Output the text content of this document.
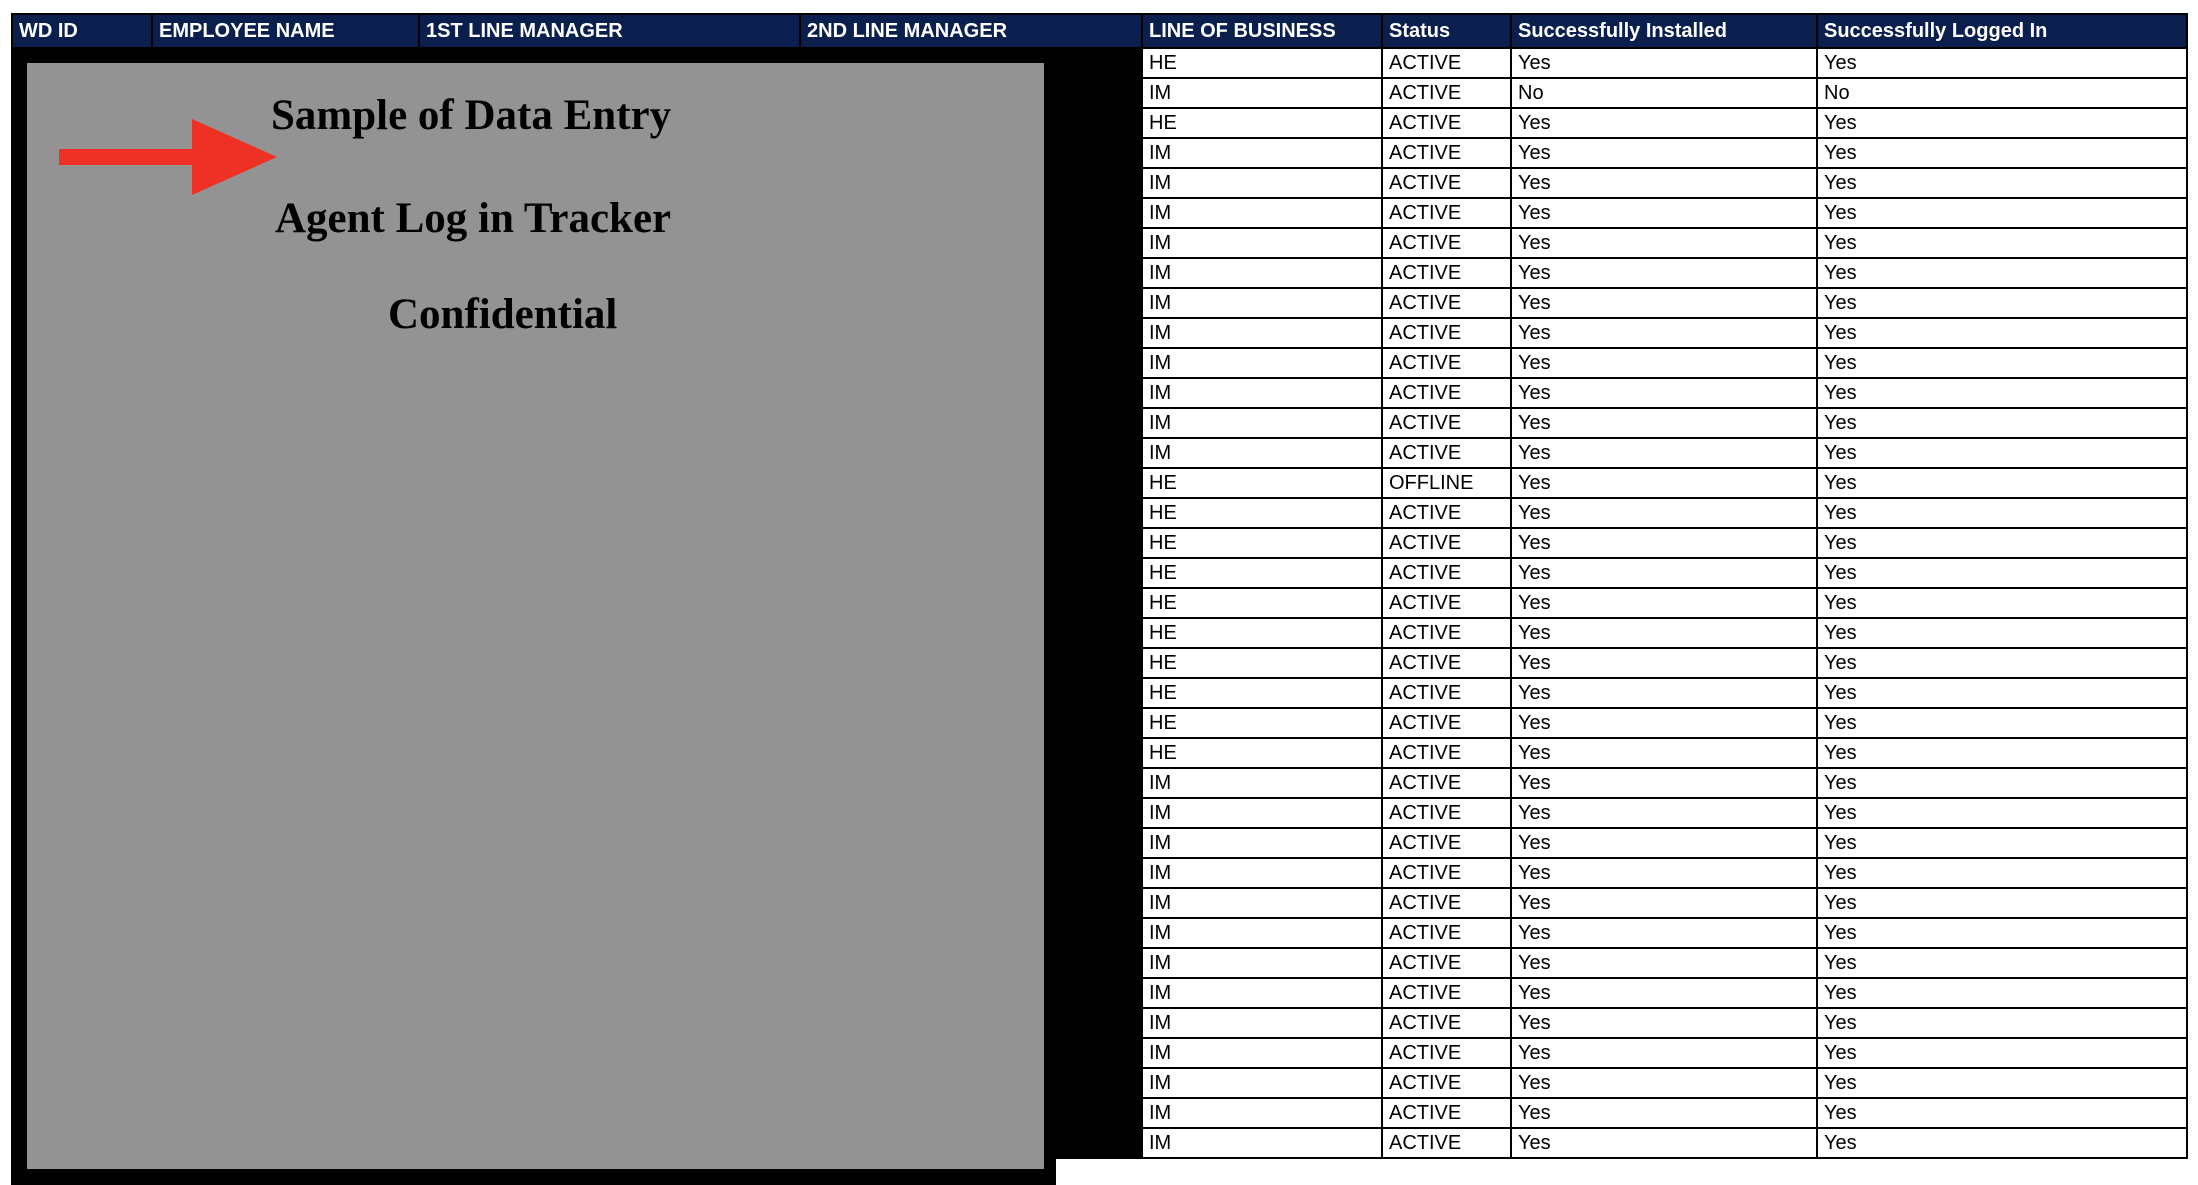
WD ID	EMPLOYEE NAME	1ST LINE MANAGER	2ND LINE MANAGER	LINE OF BUSINESS	Status	Successfully Installed	Successfully Logged In
				HE	ACTIVE	Yes	Yes
				IM	ACTIVE	No	No
				HE	ACTIVE	Yes	Yes
				IM	ACTIVE	Yes	Yes
				IM	ACTIVE	Yes	Yes
				IM	ACTIVE	Yes	Yes
				IM	ACTIVE	Yes	Yes
				IM	ACTIVE	Yes	Yes
				IM	ACTIVE	Yes	Yes
				IM	ACTIVE	Yes	Yes
				IM	ACTIVE	Yes	Yes
				IM	ACTIVE	Yes	Yes
				IM	ACTIVE	Yes	Yes
				IM	ACTIVE	Yes	Yes
				HE	OFFLINE	Yes	Yes
				HE	ACTIVE	Yes	Yes
				HE	ACTIVE	Yes	Yes
				HE	ACTIVE	Yes	Yes
				HE	ACTIVE	Yes	Yes
				HE	ACTIVE	Yes	Yes
				HE	ACTIVE	Yes	Yes
				HE	ACTIVE	Yes	Yes
				HE	ACTIVE	Yes	Yes
				HE	ACTIVE	Yes	Yes
				IM	ACTIVE	Yes	Yes
				IM	ACTIVE	Yes	Yes
				IM	ACTIVE	Yes	Yes
				IM	ACTIVE	Yes	Yes
				IM	ACTIVE	Yes	Yes
				IM	ACTIVE	Yes	Yes
				IM	ACTIVE	Yes	Yes
				IM	ACTIVE	Yes	Yes
				IM	ACTIVE	Yes	Yes
				IM	ACTIVE	Yes	Yes
				IM	ACTIVE	Yes	Yes
				IM	ACTIVE	Yes	Yes
				IM	ACTIVE	Yes	Yes
Sample of Data Entry
Agent Log in Tracker
Confidential
